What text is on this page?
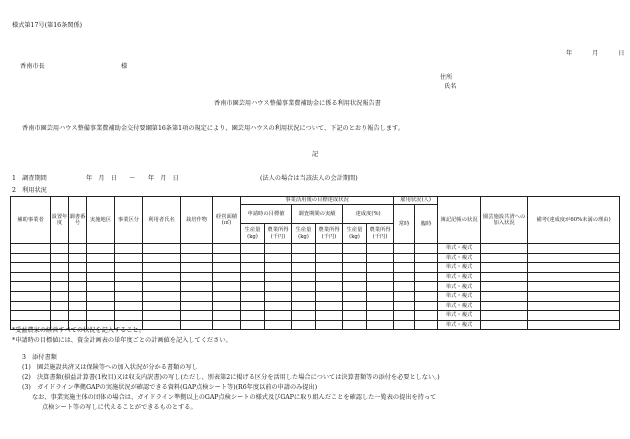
様式第17号(第16条関係)
年	月	日
香南市長	様
住所
氏名
香南市園芸用ハウス整備事業費補助金に係る利用状況報告書
香南市園芸用ハウス整備事業費補助金交付要綱第16条第1項の規定により、園芸用ハウスの利用状況について、下記のとおり報告します。
記
1　調査期間	年　月　日　　～　　年　月　日	(法人の場合は当該法人の会計期間)
2　利用状況
補助事業者	設置年度	調書番号	実施地区	事業区分	利用者氏名	栽培作物	経営面積(㎡)	事業活用後の目標達成状況						雇用状況(人)		簿記記帳の状況	園芸施設共済への加入状況	備考(達成度が60%未満の理由)
								申請時の目標値		調査期間の実績		達成度(%)		常時	臨時			
								生産量(kg)	農業所得(千円)	生産量(kg)	農業所得(千円)	生産量(kg)	農業所得(千円)					
																単式・複式		
																単式・複式		
																単式・複式		
																単式・複式		
																単式・複式		
																単式・複式		
																単式・複式		
																単式・複式		
																単式・複式		
*受益農家の経営すべての状況を記入すること。
*申請時の目標値には、資金計画表の単年度ごとの計画値を記入してください。
3　添付書類
(1)　園芸施設共済又は保険等への加入状況が分かる書類の写し
(2)　決算書類(損益計算書(1枚目)又は収支内訳書)の写し(ただし、別表第2に掲げる区分を活用した場合については決算書類等の添付を必要としない。)
(3)　ガイドライン準拠GAPの実施状況が確認できる資料(GAP点検シート等)(R6年度以前の申請のみ提出)
なお、事業実施主体の団体の場合は、ガイドライン準拠以上のGAP点検シートの様式及びGAPに取り組んだことを確認した一覧表の提出を持って
点検シート等の写しに代えることができるものとする。
